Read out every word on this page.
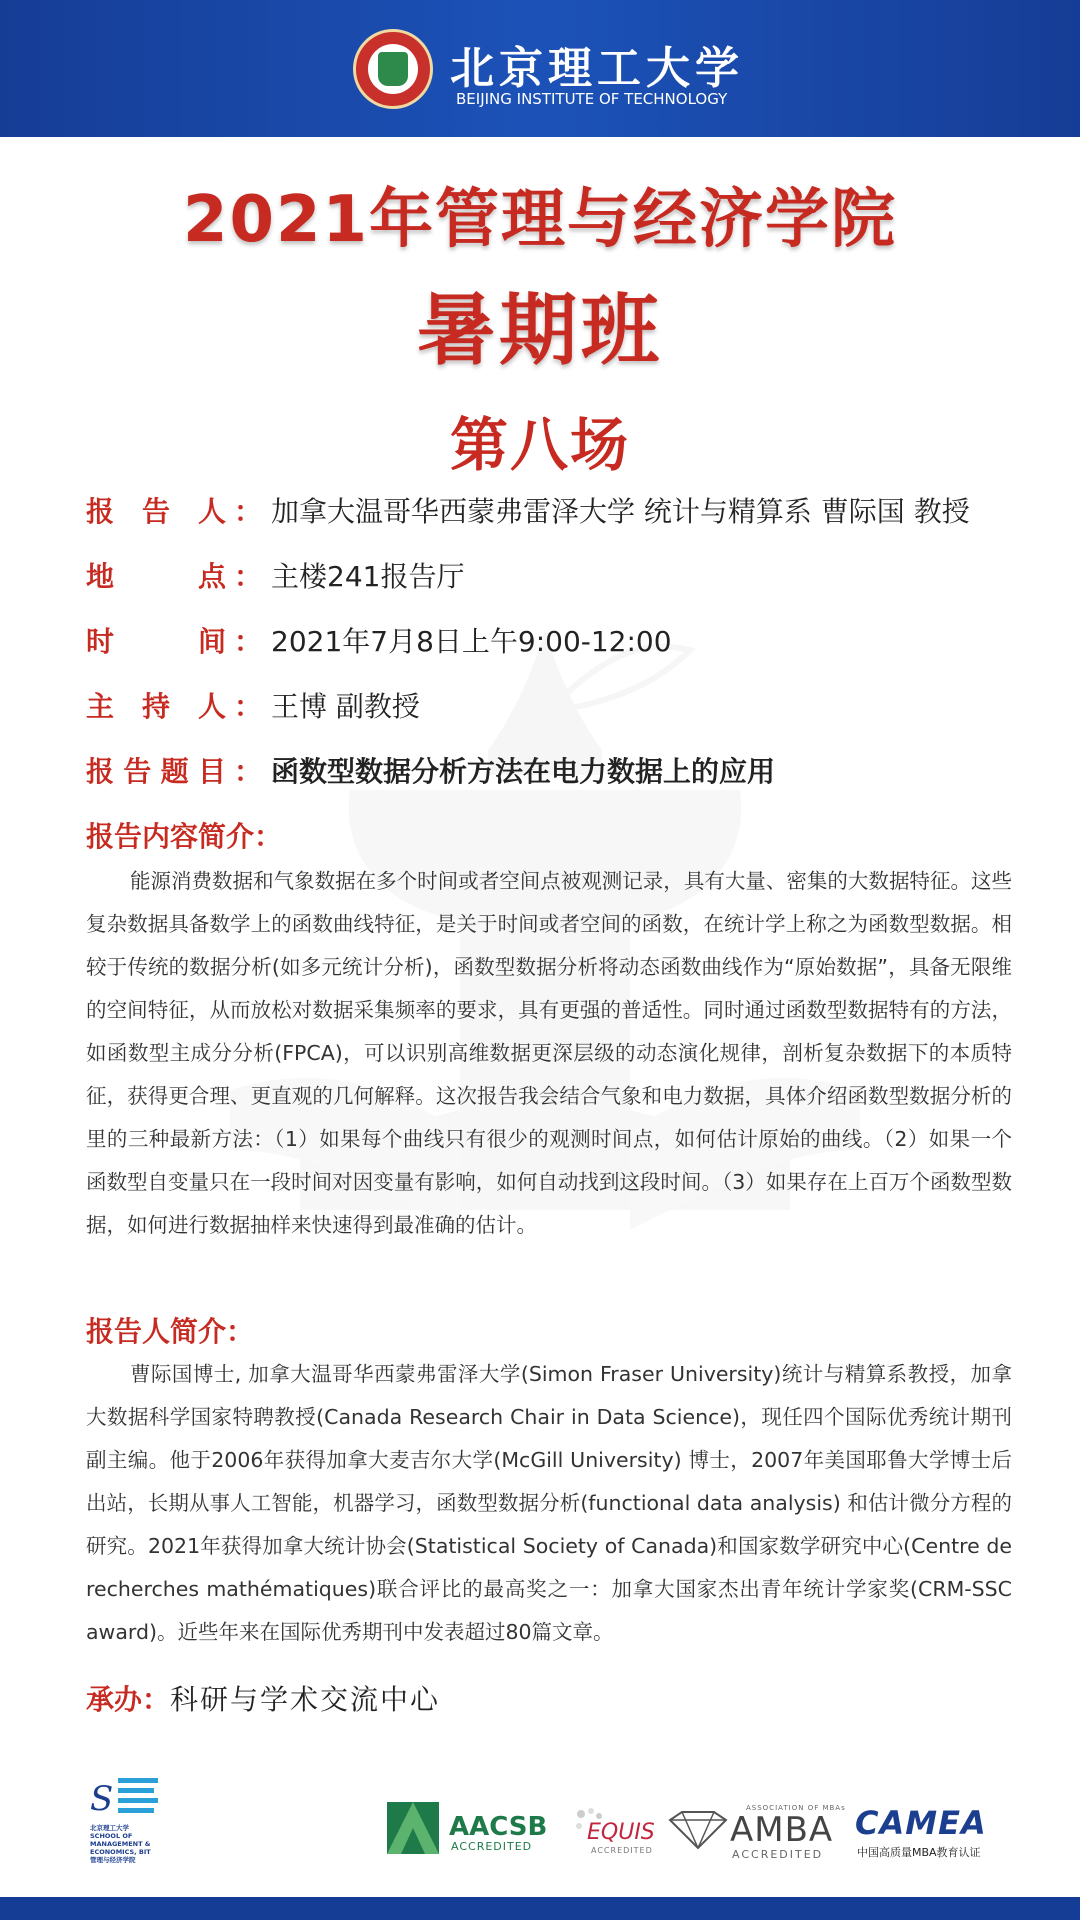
北京理工大学
BEIJING INSTITUTE OF TECHNOLOGY
2021年管理与经济学院
暑期班
第八场
报告人 ： 加拿大温哥华西蒙弗雷泽大学 统计与精算系 曹际国 教授
地点 ： 主楼241报告厅
时间 ： 2021年7月8日上午9:00-12:00
主持人 ： 王博 副教授
报告题目 ： 函数型数据分析方法在电力数据上的应用
报告内容简介：
能源消费数据和气象数据在多个时间或者空间点被观测记录，具有大量、密集的大数据特征。这些复杂数据具备数学上的函数曲线特征，是关于时间或者空间的函数，在统计学上称之为函数型数据。相较于传统的数据分析(如多元统计分析)，函数型数据分析将动态函数曲线作为“原始数据”，具备无限维的空间特征，从而放松对数据采集频率的要求，具有更强的普适性。同时通过函数型数据特有的方法，如函数型主成分分析(FPCA)，可以识别高维数据更深层级的动态演化规律，剖析复杂数据下的本质特征，获得更合理、更直观的几何解释。这次报告我会结合气象和电力数据，具体介绍函数型数据分析的里的三种最新方法：（1）如果每个曲线只有很少的观测时间点，如何估计原始的曲线。（2）如果一个函数型自变量只在一段时间对因变量有影响，如何自动找到这段时间。（3）如果存在上百万个函数型数据，如何进行数据抽样来快速得到最准确的估计。
报告人简介：
曹际国博士, 加拿大温哥华西蒙弗雷泽大学(Simon Fraser University)统计与精算系教授，加拿大数据科学国家特聘教授(Canada Research Chair in Data Science)，现任四个国际优秀统计期刊副主编。他于2006年获得加拿大麦吉尔大学(McGill University) 博士，2007年美国耶鲁大学博士后出站，长期从事人工智能，机器学习，函数型数据分析(functional data analysis) 和估计微分方程的研究。2021年获得加拿大统计协会(Statistical Society of Canada)和国家数学研究中心(Centre de recherches mathématiques)联合评比的最高奖之一：加拿大国家杰出青年统计学家奖(CRM-SSC award)。近些年来在国际优秀期刊中发表超过80篇文章。
承办：科研与学术交流中心
S
北京理工大学
SCHOOL OF
MANAGEMENT &
ECONOMICS, BIT
管理与经济学院
AACSB
ACCREDITED
EQUIS
ACCREDITED
ASSOCIATION OF MBAs
AMBA
ACCREDITED
CAMEA
中国高质量MBA教育认证
